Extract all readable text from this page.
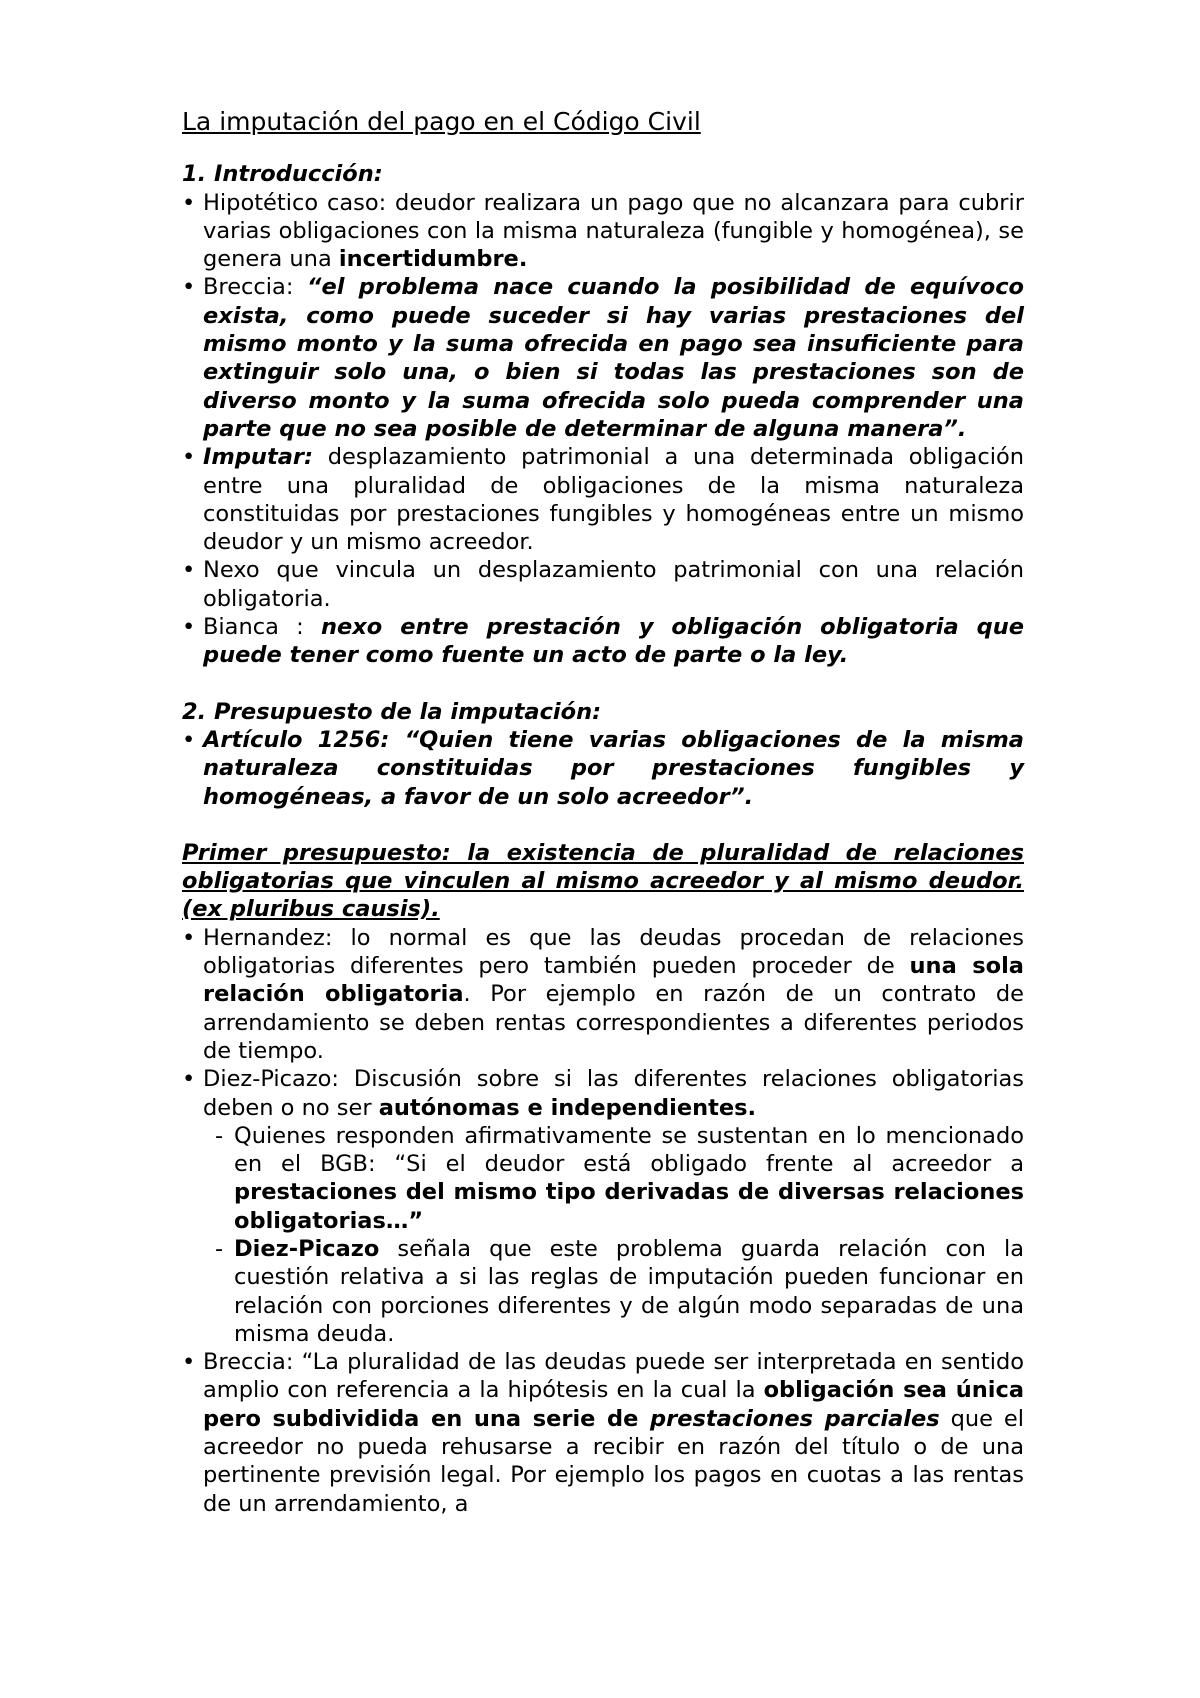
La imputación del pago en el Código Civil

1. Introducción:

• Hipotético caso: deudor realizara un pago que no alcanzara para cubrir varias obligaciones con la misma naturaleza (fungible y homogénea), se genera una incertidumbre.
• Breccia: “el problema nace cuando la posibilidad de equívoco exista, como puede suceder si hay varias prestaciones del mismo monto y la suma ofrecida en pago sea insuficiente para extinguir solo una, o bien si todas las prestaciones son de diverso monto y la suma ofrecida solo pueda comprender una parte que no sea posible de determinar de alguna manera”.
• Imputar: desplazamiento patrimonial a una determinada obligación entre una pluralidad de obligaciones de la misma naturaleza constituidas por prestaciones fungibles y homogéneas entre un mismo deudor y un mismo acreedor.
• Nexo que vincula un desplazamiento patrimonial con una relación obligatoria.
• Bianca : nexo entre prestación y obligación obligatoria que puede tener como fuente un acto de parte o la ley.

2. Presupuesto de la imputación:

• Artículo 1256: “Quien tiene varias obligaciones de la misma naturaleza constituidas por prestaciones fungibles y homogéneas, a favor de un solo acreedor”.

Primer presupuesto: la existencia de pluralidad de relaciones obligatorias que vinculen al mismo acreedor y al mismo deudor. (ex pluribus causis).

• Hernandez: lo normal es que las deudas procedan de relaciones obligatorias diferentes pero también pueden proceder de una sola relación obligatoria. Por ejemplo en razón de un contrato de arrendamiento se deben rentas correspondientes a diferentes periodos de tiempo.
• Diez-Picazo: Discusión sobre si las diferentes relaciones obligatorias deben o no ser autónomas e independientes.
- Quienes responden afirmativamente se sustentan en lo mencionado en el BGB: “Si el deudor está obligado frente al acreedor a prestaciones del mismo tipo derivadas de diversas relaciones obligatorias…”
- Diez-Picazo señala que este problema guarda relación con la cuestión relativa a si las reglas de imputación pueden funcionar en relación con porciones diferentes y de algún modo separadas de una misma deuda.
• Breccia: “La pluralidad de las deudas puede ser interpretada en sentido amplio con referencia a la hipótesis en la cual la obligación sea única pero subdividida en una serie de prestaciones parciales que el acreedor no pueda rehusarse a recibir en razón del título o de una pertinente previsión legal. Por ejemplo los pagos en cuotas a las rentas de un arrendamiento, a
